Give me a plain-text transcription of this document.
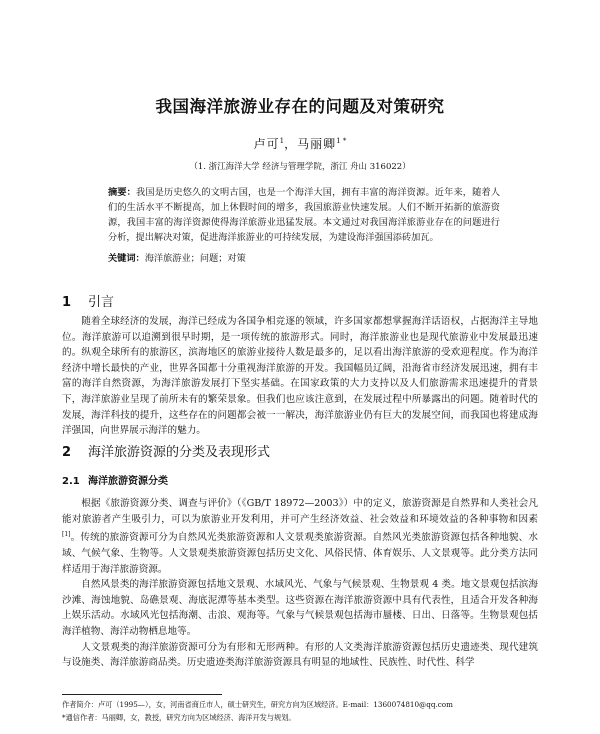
我国海洋旅游业存在的问题及对策研究
卢可$^1$，马丽卿$^{1 *}$
（1. 浙江海洋大学 经济与管理学院，浙江 舟山 316022）

摘要：我国是历史悠久的文明古国，也是一个海洋大国，拥有丰富的海洋资源。近年来，随着人们的生活水平不断提高，加上休假时间的增多，我国旅游业快速发展。人们不断开拓新的旅游资源，我国丰富的海洋资源使得海洋旅游业迅猛发展。本文通过对我国海洋旅游业存在的问题进行分析，提出解决对策，促进海洋旅游业的可持续发展，为建设海洋强国添砖加瓦。

关键词：海洋旅游业；问题；对策
1 引言

随着全球经济的发展，海洋已经成为各国争相竞逐的领域，许多国家都想掌握海洋话语权，占据海洋主导地位。海洋旅游可以追溯到很早时期，是一项传统的旅游形式。同时，海洋旅游业也是现代旅游业中发展最迅速的。纵观全球所有的旅游区，滨海地区的旅游业接待人数是最多的，足以看出海洋旅游的受欢迎程度。作为海洋经济中增长最快的产业，世界各国都十分重视海洋旅游的开发。我国幅员辽阔，沿海省市经济发展迅速，拥有丰富的海洋自然资源，为海洋旅游发展打下坚实基础。在国家政策的大力支持以及人们旅游需求迅速提升的背景下，海洋旅游业呈现了前所未有的繁荣景象。但我们也应该注意到，在发展过程中所暴露出的问题。随着时代的发展，海洋科技的提升，这些存在的问题都会被一一解决，海洋旅游业仍有巨大的发展空间，而我国也将建成海洋强国，向世界展示海洋的魅力。

2 海洋旅游资源的分类及表现形式
2.1 海洋旅游资源分类

根据《旅游资源分类、调查与评价》（《GB/T 18972—2003》）中的定义，旅游资源是自然界和人类社会凡能对旅游者产生吸引力，可以为旅游业开发利用，并可产生经济效益、社会效益和环境效益的各种事物和因素[1]。传统的旅游资源可分为自然风光类旅游资源和人文景观类旅游资源。自然风光类旅游资源包括各种地貌、水域、气候气象、生物等。人文景观类旅游资源包括历史文化、风俗民情、体育娱乐、人文景观等。此分类方法同样适用于海洋旅游资源。

自然风景类的海洋旅游资源包括地文景观、水域风光、气象与气候景观、生物景观 4 类。地文景观包括滨海沙滩、海蚀地貌、岛礁景观、海底泥潭等基本类型。这些资源在海洋旅游资源中具有代表性，且适合开发各种海上娱乐活动。水域风光包括海潮、击浪、观海等。气象与气候景观包括海市蜃楼、日出、日落等。生物景观包括海洋植物、海洋动物栖息地等。

人文景观类的海洋旅游资源可分为有形和无形两种。有形的人文类海洋旅游资源包括历史遗迹类、现代建筑与设施类、海洋旅游商品类。历史遗迹类海洋旅游资源具有明显的地域性、民族性、时代性、科学

作者简介：卢可（1995—），女，河南省商丘市人，硕士研究生，研究方向为区域经济。E-mail：1360074810@qq.com
*通信作者：马丽卿，女，教授，研究方向为区域经济、海洋开发与规划。
